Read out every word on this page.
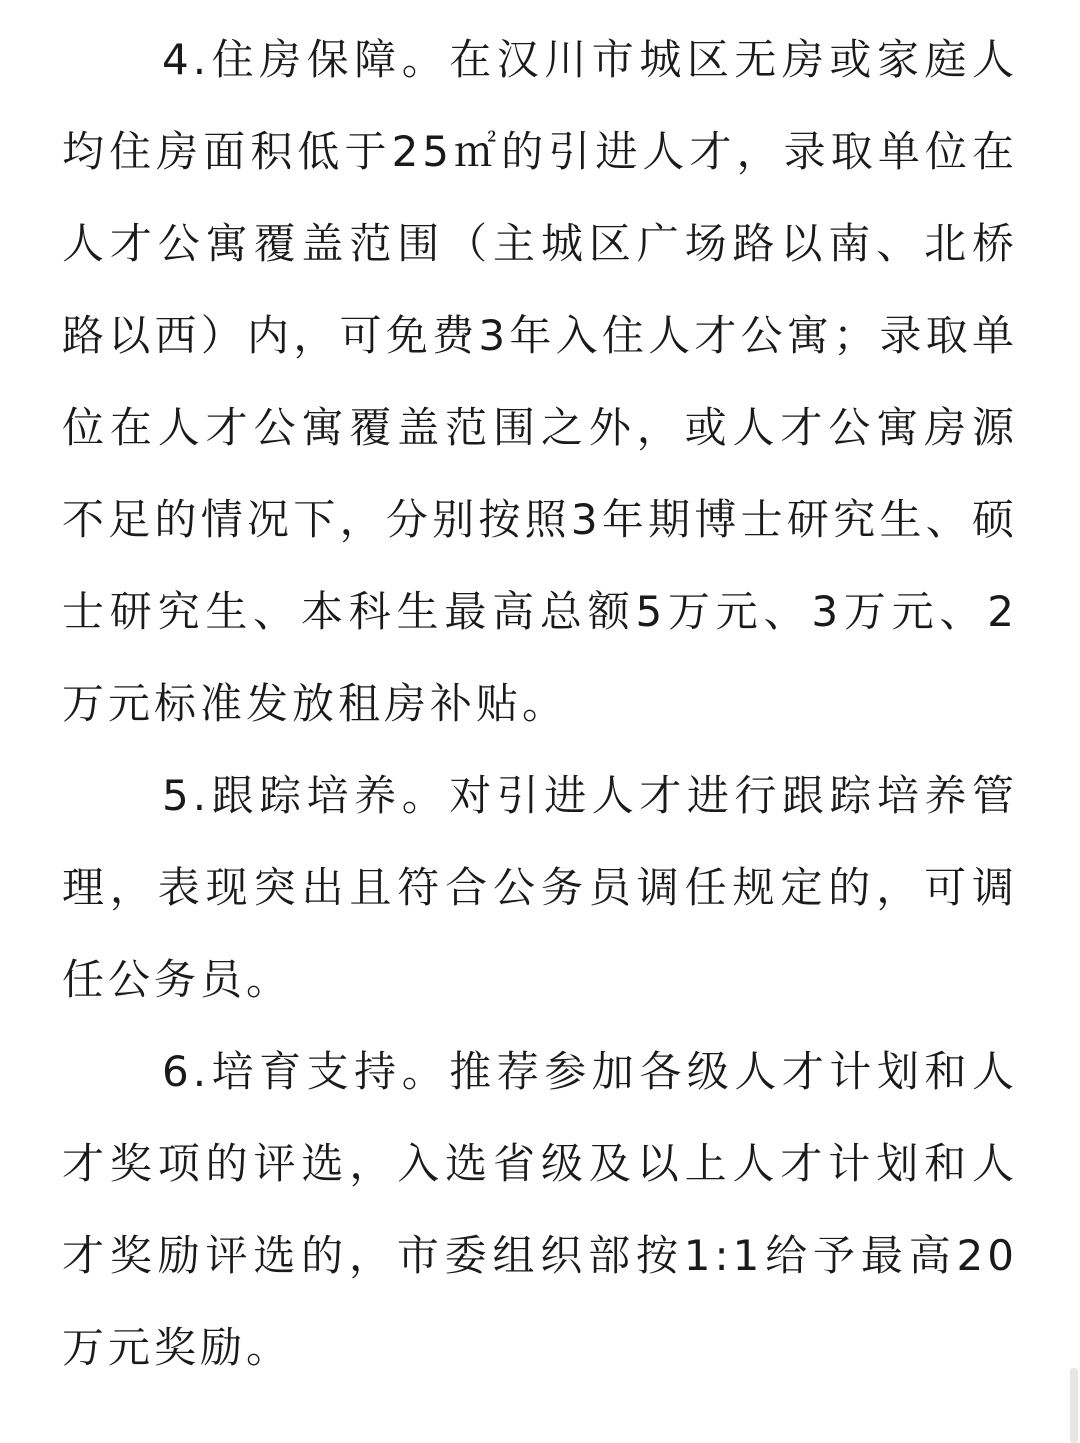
4.住房保障。在汉川市城区无房或家庭人均住房面积低于25㎡的引进人才，录取单位在人才公寓覆盖范围（主城区广场路以南、北桥路以西）内，可免费3年入住人才公寓；录取单位在人才公寓覆盖范围之外，或人才公寓房源不足的情况下，分别按照3年期博士研究生、硕士研究生、本科生最高总额5万元、3万元、2万元标准发放租房补贴。

5.跟踪培养。对引进人才进行跟踪培养管理，表现突出且符合公务员调任规定的，可调任公务员。

6.培育支持。推荐参加各级人才计划和人才奖项的评选，入选省级及以上人才计划和人才奖励评选的，市委组织部按1:1给予最高20万元奖励。
